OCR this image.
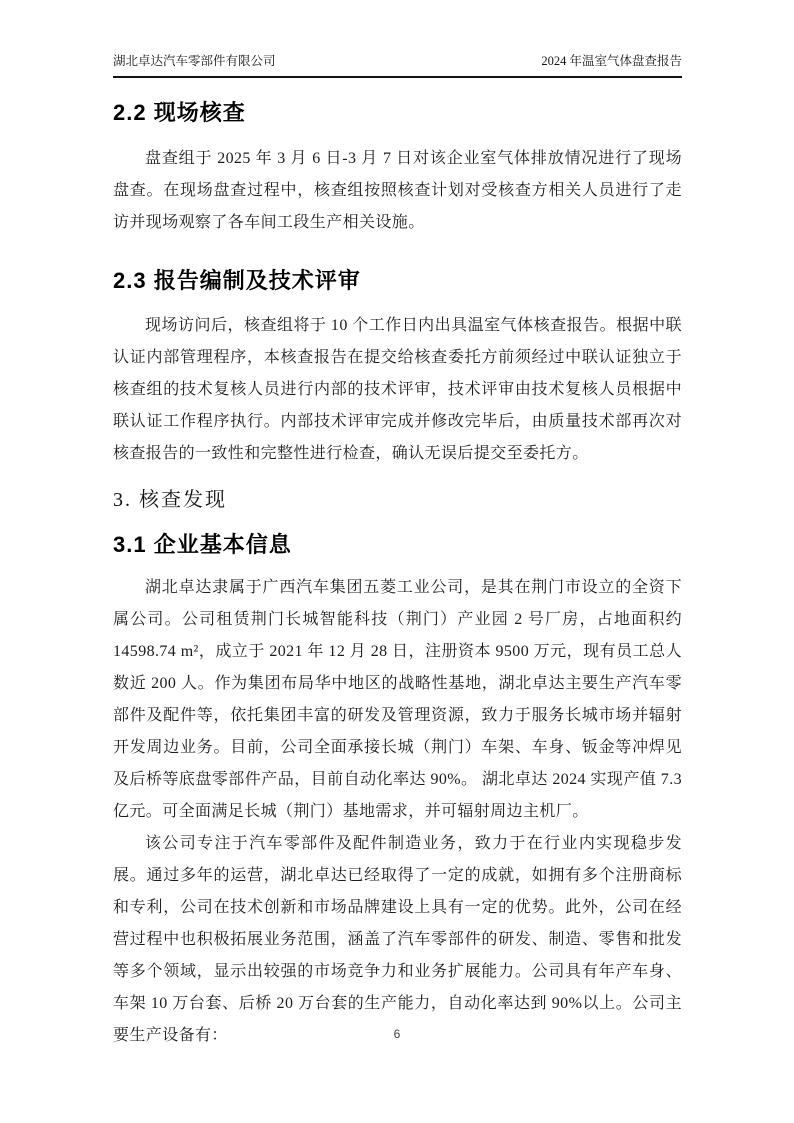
湖北卓达汽车零部件有限公司	2024 年温室气体盘查报告
2.2 现场核查

盘查组于 2025 年 3 月 6 日-3 月 7 日对该企业室气体排放情况进行了现场盘查。在现场盘查过程中，核查组按照核查计划对受核查方相关人员进行了走访并现场观察了各车间工段生产相关设施。

2.3 报告编制及技术评审

现场访问后，核查组将于 10 个工作日内出具温室气体核查报告。根据中联认证内部管理程序，本核查报告在提交给核查委托方前须经过中联认证独立于核查组的技术复核人员进行内部的技术评审，技术评审由技术复核人员根据中联认证工作程序执行。内部技术评审完成并修改完毕后，由质量技术部再次对核查报告的一致性和完整性进行检查，确认无误后提交至委托方。

3. 核查发现
3.1 企业基本信息

湖北卓达隶属于广西汽车集团五菱工业公司，是其在荆门市设立的全资下属公司。公司租赁荆门长城智能科技（荆门）产业园 2 号厂房，占地面积约 14598.74 m²，成立于 2021 年 12 月 28 日，注册资本 9500 万元，现有员工总人数近 200 人。作为集团布局华中地区的战略性基地，湖北卓达主要生产汽车零部件及配件等，依托集团丰富的研发及管理资源，致力于服务长城市场并辐射开发周边业务。目前，公司全面承接长城（荆门）车架、车身、钣金等冲焊见及后桥等底盘零部件产品，目前自动化率达 90%。 湖北卓达 2024 实现产值 7.3 亿元。可全面满足长城（荆门）基地需求，并可辐射周边主机厂。

该公司专注于汽车零部件及配件制造业务，致力于在行业内实现稳步发展。通过多年的运营，湖北卓达已经取得了一定的成就，如拥有多个注册商标和专利，公司在技术创新和市场品牌建设上具有一定的优势。此外，公司在经营过程中也积极拓展业务范围，涵盖了汽车零部件的研发、制造、零售和批发等多个领域，显示出较强的市场竞争力和业务扩展能力。公司具有年产车身、车架 10 万台套、后桥 20 万台套的生产能力，自动化率达到 90%以上。公司主要生产设备有：	6
